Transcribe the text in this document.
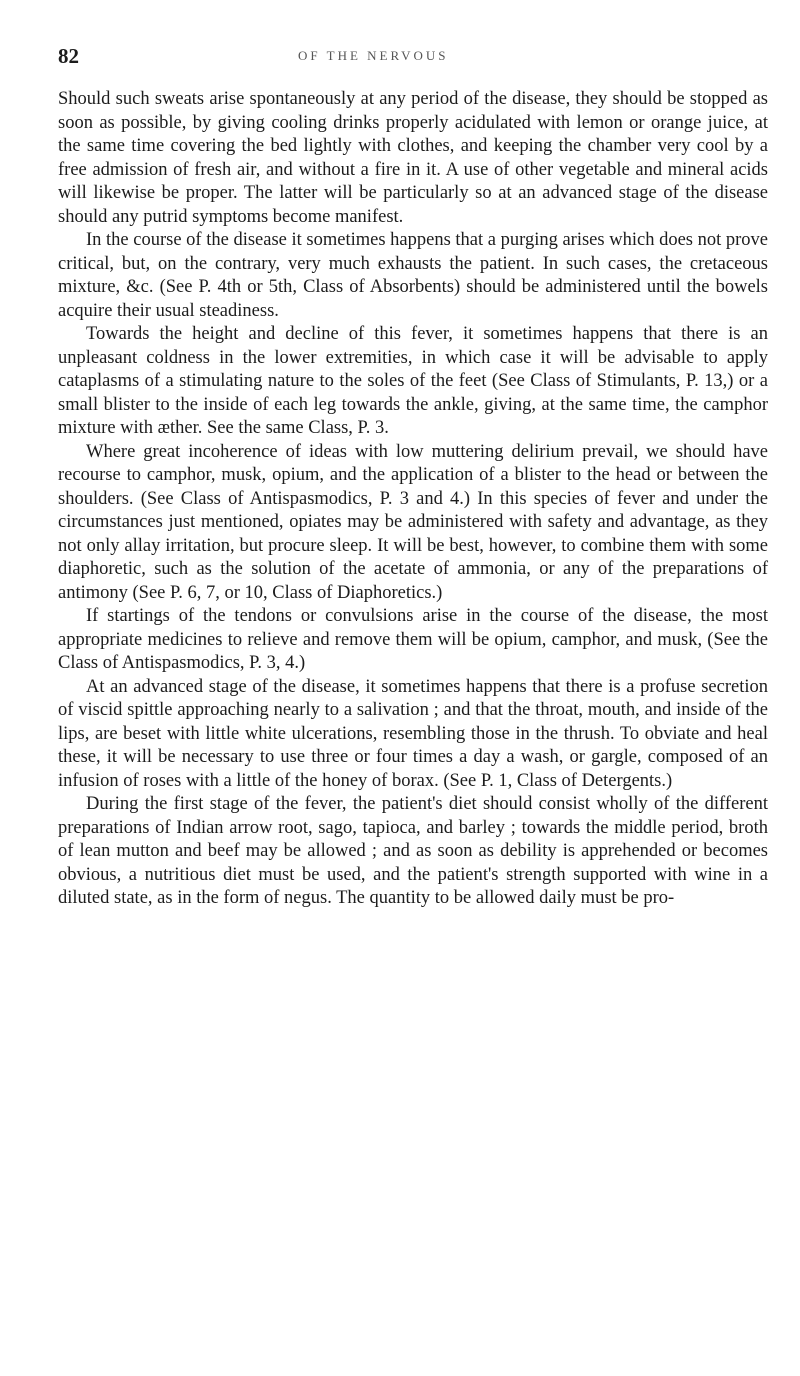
82	OF THE NERVOUS

Should such sweats arise spontaneously at any period of the disease, they should be stopped as soon as possible, by giving cooling drinks properly acidulated with lemon or orange juice, at the same time covering the bed lightly with clothes, and keeping the chamber very cool by a free admission of fresh air, and without a fire in it. A use of other vegetable and mineral acids will likewise be proper. The latter will be particularly so at an advanced stage of the disease should any putrid symptoms become manifest.

In the course of the disease it sometimes happens that a purging arises which does not prove critical, but, on the contrary, very much exhausts the patient. In such cases, the cretaceous mixture, &c. (See P. 4th or 5th, Class of Absorbents) should be administered until the bowels acquire their usual steadiness.

Towards the height and decline of this fever, it sometimes happens that there is an unpleasant coldness in the lower extremities, in which case it will be advisable to apply cataplasms of a stimulating nature to the soles of the feet (See Class of Stimulants, P. 13,) or a small blister to the inside of each leg towards the ankle, giving, at the same time, the camphor mixture with æther. See the same Class, P. 3.

Where great incoherence of ideas with low muttering delirium prevail, we should have recourse to camphor, musk, opium, and the application of a blister to the head or between the shoulders. (See Class of Antispasmodics, P. 3 and 4.) In this species of fever and under the circumstances just mentioned, opiates may be administered with safety and advantage, as they not only allay irritation, but procure sleep. It will be best, however, to combine them with some diaphoretic, such as the solution of the acetate of ammonia, or any of the preparations of antimony (See P. 6, 7, or 10, Class of Diaphoretics.)

If startings of the tendons or convulsions arise in the course of the disease, the most appropriate medicines to relieve and remove them will be opium, camphor, and musk, (See the Class of Antispasmodics, P. 3, 4.)

At an advanced stage of the disease, it sometimes happens that there is a profuse secretion of viscid spittle approaching nearly to a salivation ; and that the throat, mouth, and inside of the lips, are beset with little white ulcerations, resembling those in the thrush. To obviate and heal these, it will be necessary to use three or four times a day a wash, or gargle, composed of an infusion of roses with a little of the honey of borax. (See P. 1, Class of Detergents.)

During the first stage of the fever, the patient's diet should consist wholly of the different preparations of Indian arrow root, sago, tapioca, and barley ; towards the middle period, broth of lean mutton and beef may be allowed ; and as soon as debility is apprehended or becomes obvious, a nutritious diet must be used, and the patient's strength supported with wine in a diluted state, as in the form of negus. The quantity to be allowed daily must be pro-
